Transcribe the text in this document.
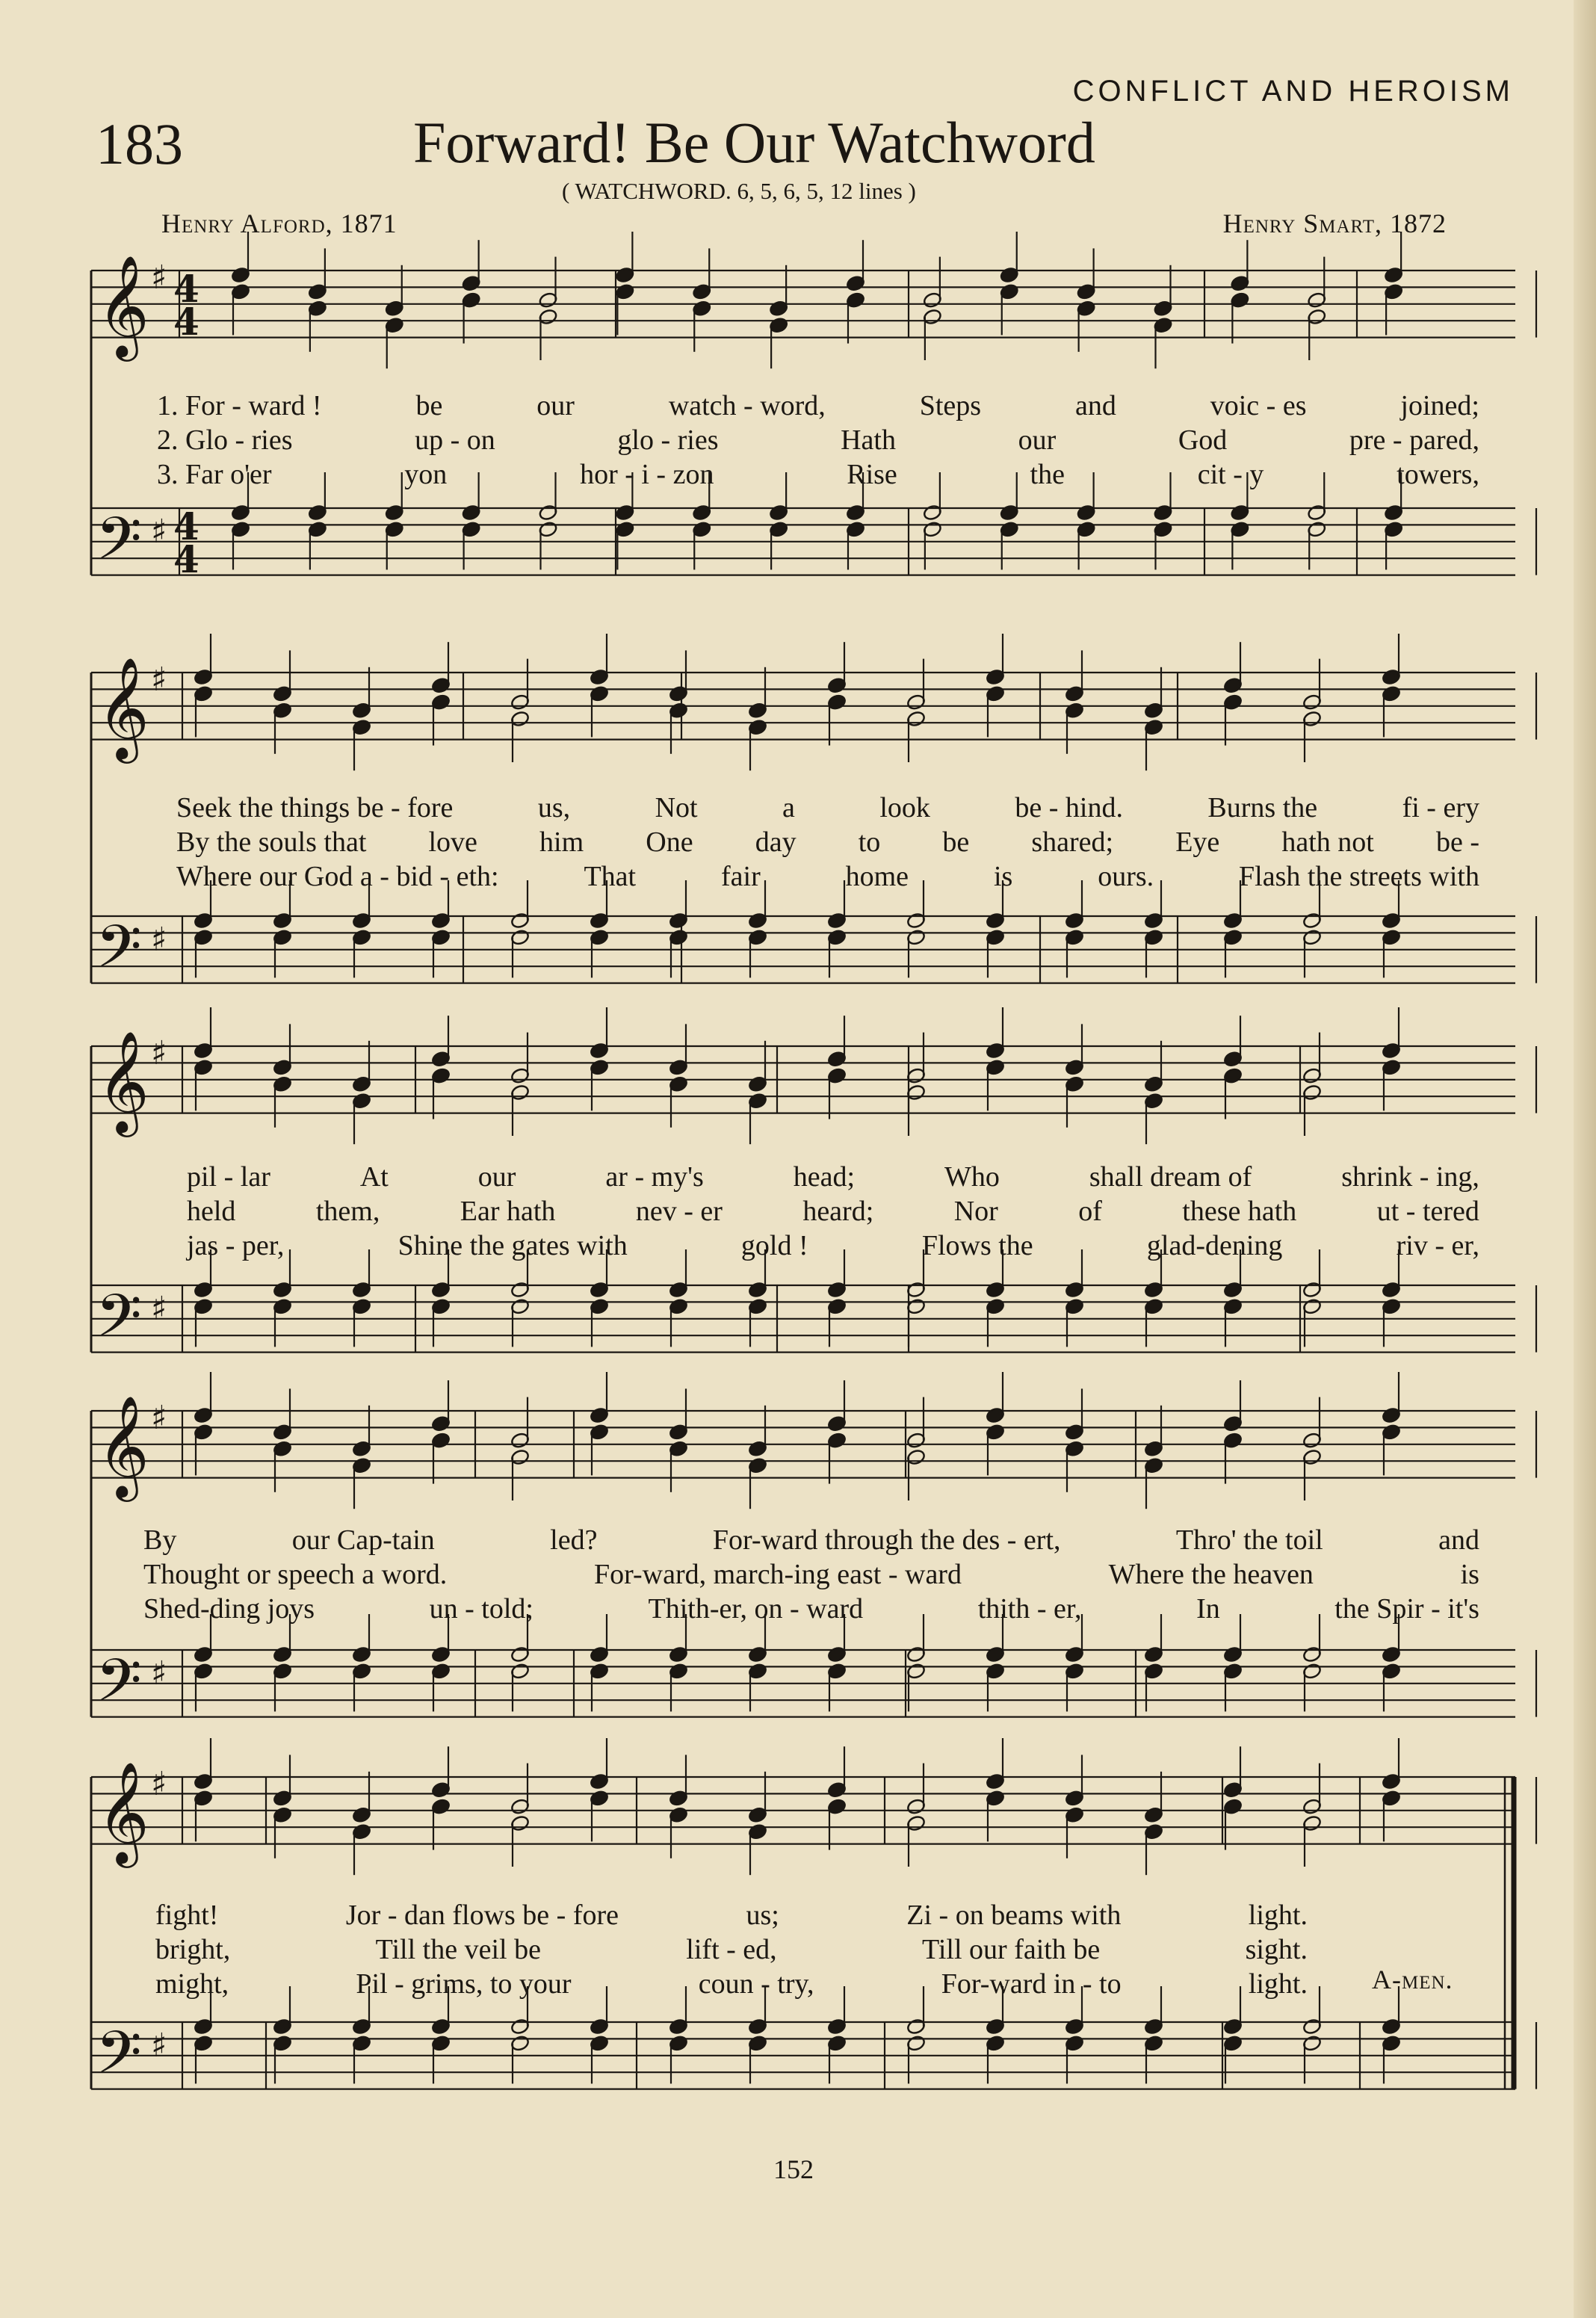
CONFLICT AND HEROISM
183	Forward! Be Our Watchword
( WATCHWORD. 6, 5, 6, 5, 12 lines )
Henry Alford, 1871	Henry Smart, 1872
𝄞
𝄢
♯
♯
4
4
4
4
𝄞
𝄢
♯
♯
𝄞
𝄢
♯
♯
𝄞
𝄢
♯
♯
𝄞
𝄢
♯
♯
1. For - ward !	be	our	watch - word,	Steps	and	voic - es	joined;
2. Glo - ries	up - on	glo - ries	Hath	our	God	pre - pared,
3. Far o'er	yon	hor - i - zon	Rise	the	cit - y	towers,
Seek the things be - fore	us,	Not	a	look	be - hind.	Burns the	fi - ery
By the souls that love him One day to be shared; Eye hath not be -
Where our God a - bid - eth:	That	fair	home	is	ours.	Flash the streets with
pil - lar	At	our	ar - my's	head;	Who	shall dream of	shrink - ing,
held	them,	Ear hath	nev - er	heard;	Nor	of	these hath	ut - tered
jas - per,	Shine the gates with	gold !	Flows the	glad-dening	riv - er,
By	our Cap-tain	led?	For-ward through the des - ert,	Thro' the toil	and
Thought or speech a word.	For-ward, march-ing east - ward	Where the heaven	is
Shed-ding joys	un - told;	Thith-er, on - ward	thith - er,	In	the Spir - it's
fight!	Jor - dan flows be - fore	us;	Zi - on beams with	light.
bright,	Till the veil be	lift - ed,	Till our faith be	sight.
might,	Pil - grims, to your	coun - try,	For-ward in - to	light. A-men.
152
